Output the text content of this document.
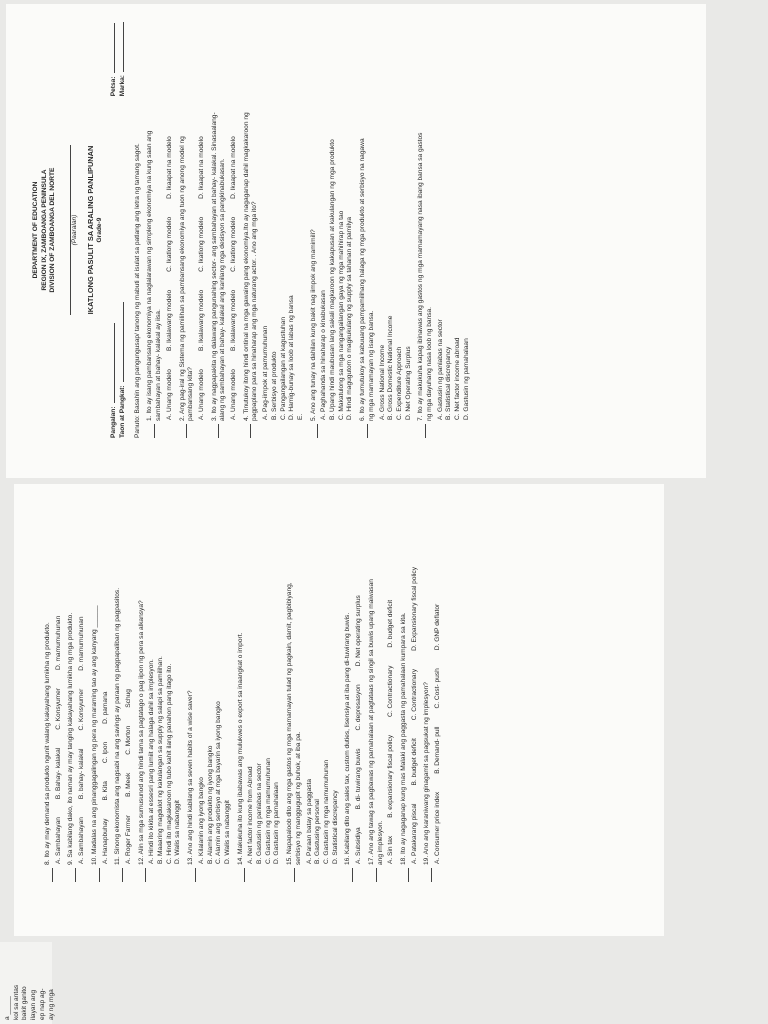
a _____ kol sa antas bakit ganito ilayan ang ep nap ag- ay ng mga
8. Ito ay may demand sa produkto ngunit walang kakayahang lumikha ng produkto. A. Sambahayan
B. Bahay- kalakal
C. Konsyumer
D. mamumuhunan 9. Sa kabilang dako, ito naman ay may tanging kakayahang lumikha ng mga produkto. A. Sambahayan
B. bahay- kalakal
C. Konsyumer
D. mamumuhunan 10. Madalas na ang pinanggagalingan ng pera ng maraming tao ay ang kanyang ______ A. Hanapbuhay
B. Kita
C. Ipon
D. pamana 11. Sinong ekonomista ang nagsabi na ang savings ay paraan ng pagpapaliban ng pagpasitos. A. Roger Farmer
B. Meek
C. Morton
Schug 12. Alin sa mga sumusunod ang hindi tama sa pagtatago o pag iipon ng pera sa alkansya? A. Hindi ito kikita at essesri pang lumiit ang halaga dahil sa implesyon. B. Maaaring magdulot ng kakulangan sa supply ng salapi sa pamilihan. C. Hindi ito magkakaroon ng tubo kahit ilang panahon pang itago ito. D. Walis sa nabanggit 13. Ano ang hindi kabilang sa seven habits of a wise saver? A. Kilalanin ang iyong bangko B. Alamin ang produkto ng iyong bangko C. Alamin ang serbisyo at mga bayarin sa iyong bangko D. Walis sa nabanggit 14. Makukuha ito kung ibabawas ang mulukwes o export sa inaangkat o import. A. Net factor income from Abroad B. Gastusin ng panlabas na sector C. Gastusin ng mga mamumuhunan D. Gastusin ng pamahalaan 15. Napapaloob dito ang mga gastos ng mga mamamayan tulad ng pagkain, damit, pagbibiyang, serbisyo ng manggugupit ng buhok, at iba pa. A. Paraan batay sa paggasta B. Gastusing personal C. Gastusin ng mga namumuhunan D. Statistical discrepancy 16. Kabilang dito ang sales tax, custom duties, lisensiya at iba pang di-tuwirang buwis. A. Subsidiya
B. di- tuwirang buwis
C. depresasyon
D. Net operating surplus 17. Ano ang tawag sa pagbawas ng pamahalaan at pagtataas ng singil sa buwis upang maiwasan ang implesyon. A. Sin tax
B. expansionary fiscal policy
C. Contractionary
D. budget deficit 18. Ito ay nagaganap kung mas Malaki ang paggasta ng pamahalaan kumpara sa kita. A. Patakarang piscal
B. budget deficit
C. Contractionary
D. Expansionary fiscal policy
19. Ano ang karaniwang ginagamit sa pagsukat ng implesyon? A. Consumer price index
B. Demand- pull
C. Cost- push
D. GNP deflator
DEPARTMENT OF EDUCATION REGION IX, ZAMBOANGA PENINSULA DIVISION OF ZAMBOANGA DEL NORTE (Paaralan) IKATLONG PASULIT SA ARALING PANLIPUNAN Grade-9
Pangalan: Taon at Pangkat:
Petsa: Marka:
Panuto: Basahin ang pangungusap/ tanong ng mabuti at isulat sa patlang ang letra ng tamang sagot. 1. Ito ay isang pambansang ekonomiya na naglalarawan ng simpleng ekonomiya na kung saan ang sambahayan at bahay- kalakal ay iisa. A. Unang modelo
B. Ikalawang modelo
C. Ikatlong modelo
D. Ikaapat na modelo 2. Ang pag-iral ng Sistema ng pamilihan sa pambansang ekonomiya ang tuon ng anong model ng pambansang kita? A. Unang modelo
B. Ikalawang modelo
C. Ikatlong modelo
D. Ikaapat na modelo 3. Ito ay nagpapakita ng dalawang pangunahing sector- ang sambahayan at bahay- kalakal. Sinasaalang- alang ng sambahayan at bahay- kalakal ang kanilang mga desisyon sa pangkinabukasan. A. Unang modelo
B. Ikalawang modelo
C. Ikatlong modelo
D. Ikaapat na modelo 4. Tinutukoy itong hindi ontinal na mga gawaing pang ekonomiya.Ito ay nagaganap dahil magkakaroon ng pagpaplano para sa hinaharap ang mga naturang actor. . Ano ang mga ito? A. Pag-iimpok at pamumuhunan B. Serbisyo at produkto C. Pangangailangan at kagustuhan D. Hamig-bunay sa loob at labas ng bansa E. 5. Ano ang tunay na dahilan kung bakit nag iimpok ang mamimili? A. Paghahanda sa hinaharap o kinabukasan B. Upang hindi maubusan lang sakali magkaroon ng kakapusan at kakulangan ng mga produkto C. Makatulong sa mga nangangailangan gaya ng mga mahihirap na tao D. Hindi magugutom o magkukulang ng supply sa tahanan at pamilya 6. Ito ay tumutukoy sa kabuuang pampamilihang halaga ng mga produkto at serbisyo na nagawa ng mga mamamayan ng isang bansa. A. Gross National Income B. Gross Domestic National Income C. Expenditure Approach D. Net Operating Surplus 7. Ito ay makukuha kapag ibinawas ang gastos ng mga mamamayang nasa ibang bansa sa gastos ng mga dayuhang nasa loob ng bansa. A. Gastusin ng panlabas na sector B. Statistical discrepancy C. Net factor income abroad D. Gastusin ng pamahalaan
